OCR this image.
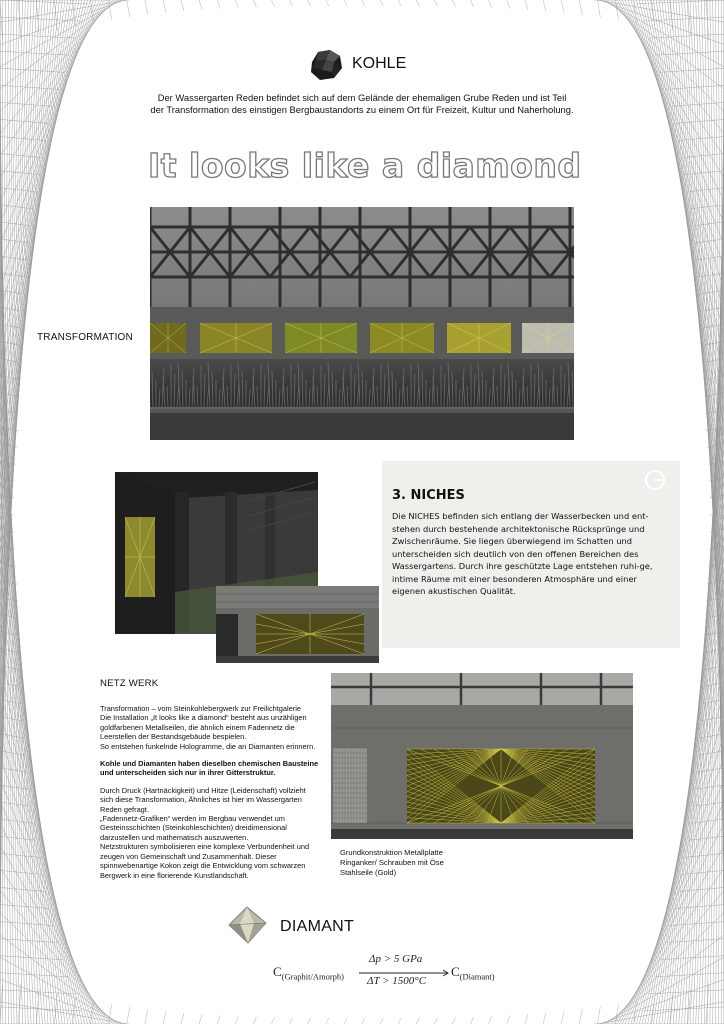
KOHLE
Der Wassergarten Reden befindet sich auf dem Gelände der ehemaligen Grube Reden und ist Teil
der Transformation des einstigen Bergbaustandorts zu einem Ort für Freizeit, Kultur und Naherholung.
It looks like a diamond
TRANSFORMATION
3. NICHES
Die NICHES befinden sich entlang der Wasserbecken und ent-stehen durch bestehende architektonische Rücksprünge und Zwischenräume. Sie liegen überwiegend im Schatten und unterscheiden sich deutlich von den offenen Bereichen des Wassergartens. Durch ihre geschützte Lage entstehen ruhi-ge, intime Räume mit einer besonderen Atmosphäre und einer eigenen akustischen Qualität.
NETZ WERK

Transformation – vom Steinkohlebergwerk zur Freilichtgalerie
Die Installation „It looks like a diamond“ besteht aus unzähligen goldfarbenen Metallseilen, die ähnlich einem Fadennetz die Leerstellen der Bestandsgebäude bespielen.
So entstehen funkelnde Hologramme, die an Diamanten erinnern.

Kohle und Diamanten haben dieselben chemischen Bausteine und unterscheiden sich nur in ihrer Gitterstruktur.

Durch Druck (Hartnäckigkeit) und Hitze (Leidenschaft) vollzieht sich diese Transformation, Ähnliches ist hier im Wassergarten Reden gefragt.
„Fadennetz-Grafiken“ werden im Bergbau verwendet um Gesteinsschichten (Steinkohleschichten) dreidimensional darzustellen und mathematisch auszuwerten.
Netzstrukturen symbolisieren eine komplexe Verbundenheit und zeugen von Gemeinschaft und Zusammenhalt. Dieser spinnwebenartige Kokon zeigt die Entwicklung vom schwarzen Bergwerk in eine florierende Kunstlandschaft.

Grundkonstruktion Metallplatte
Ringanker/ Schrauben mit Öse
Stahlseile (Gold)
DIAMANT
$C_{(Graphit/Amorph)}$
Δp > 5 GPa
ΔT > 1500°C
$C_{(Diamant)}$
